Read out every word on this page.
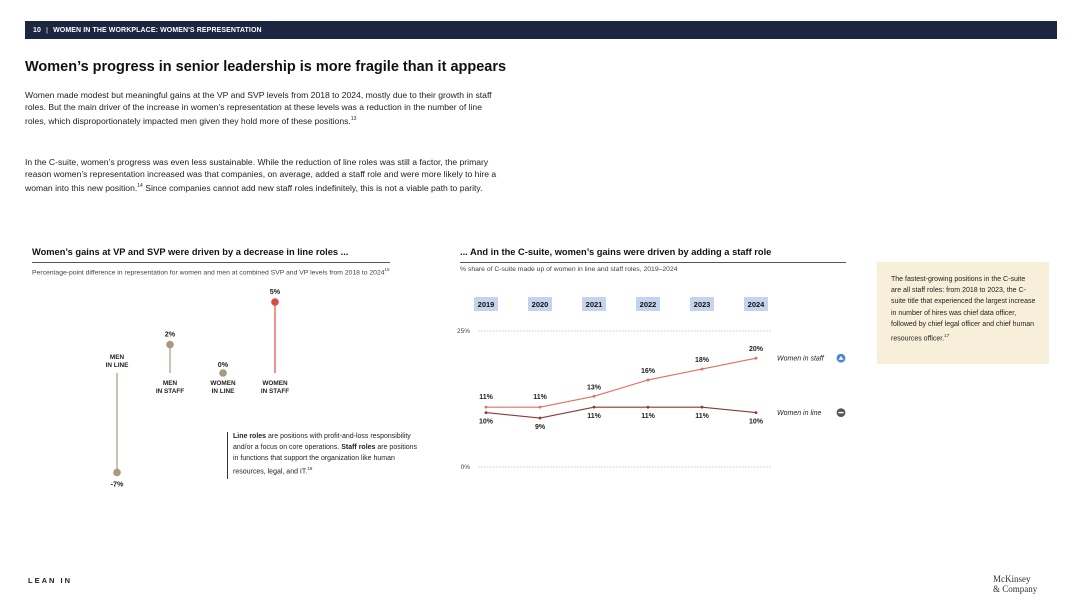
10 | WOMEN IN THE WORKPLACE: WOMEN'S REPRESENTATION
Women’s progress in senior leadership is more fragile than it appears

Women made modest but meaningful gains at the VP and SVP levels from 2018 to 2024, mostly due to their growth in staff roles. But the main driver of the increase in women’s representation at these levels was a reduction in the number of line roles, which disproportionately impacted men given they hold more of these positions.$^{13}$

In the C-suite, women’s progress was even less sustainable. While the reduction of line roles was still a factor, the primary reason women’s representation increased was that companies, on average, added a staff role and were more likely to hire a woman into this new position.$^{14}$ Since companies cannot add new staff roles indefinitely, this is not a viable path to parity.

Women’s gains at VP and SVP were driven by a decrease in line roles ...

Percentage-point difference in representation for women and men at combined SVP and VP levels from 2018 to 2024$^{15}$

-7%
MEN
IN LINE
2%
MEN
IN STAFF
0%
WOMEN
IN LINE
5%
WOMEN
IN STAFF

Line roles are positions with profit-and-loss responsibility and/or a focus on core operations. Staff roles are positions in functions that support the organization like human resources, legal, and IT.$^{16}$

... And in the C-suite, women’s gains were driven by adding a staff role

% share of C-suite made up of women in line and staff roles, 2019–2024

2019	2020	2021	2022	2023	2024
25%
0%
11%	11%
13%
16%
18%
20%
Women in staff
10%
9%
11%	11%	11%
10%
Women in line

The fastest-growing positions in the C-suite are all staff roles: from 2018 to 2023, the C-suite title that experienced the largest increase in number of hires was chief data officer, followed by chief legal officer and chief human resources officer.$^{17}$

LEAN IN	McKinsey
& Company
